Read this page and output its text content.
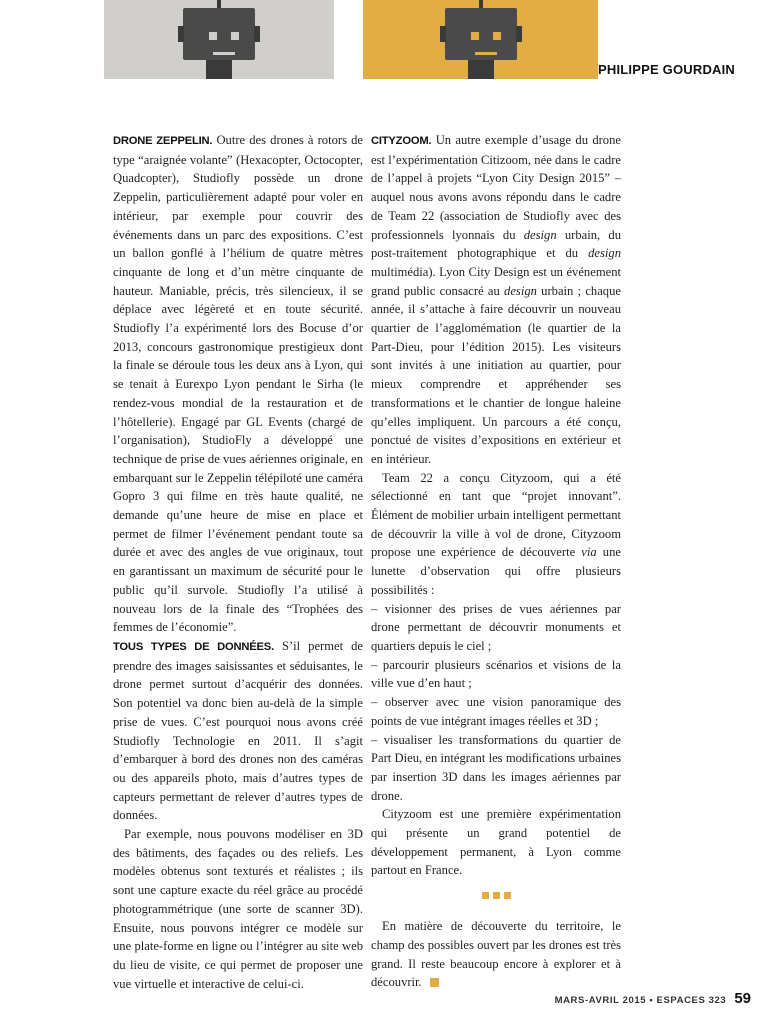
PHILIPPE GOURDAIN

DRONE ZEPPELIN. Outre des drones à rotors de type “araignée volante” (Hexacopter, Octocopter, Quadcopter), Studiofly possède un drone Zeppelin, particulièrement adapté pour voler en intérieur, par exemple pour couvrir des événements dans un parc des expositions. C’est un ballon gonflé à l’hélium de quatre mètres cinquante de long et d’un mètre cinquante de hauteur. Maniable, précis, très silencieux, il se déplace avec légèreté et en toute sécurité. Studiofly l’a expérimenté lors des Bocuse d’or 2013, concours gastronomique prestigieux dont la finale se déroule tous les deux ans à Lyon, qui se tenait à Eurexpo Lyon pendant le Sirha (le rendez-vous mondial de la restauration et de l’hôtellerie). Engagé par GL Events (chargé de l’organisation), StudioFly a développé une technique de prise de vues aériennes originale, en embarquant sur le Zeppelin télépiloté une caméra Gopro 3 qui filme en très haute qualité, ne demande qu’une heure de mise en place et permet de filmer l’événement pendant toute sa durée et avec des angles de vue originaux, tout en garantissant un maximum de sécurité pour le public qu’il survole. Studiofly l’a utilisé à nouveau lors de la finale des “Trophées des femmes de l’économie”.

TOUS TYPES DE DONNÉES. S’il permet de prendre des images saisissantes et séduisantes, le drone permet surtout d’acquérir des données. Son potentiel va donc bien au-delà de la simple prise de vues. C’est pourquoi nous avons créé Studiofly Technologie en 2011. Il s’agit d’embarquer à bord des drones non des caméras ou des appareils photo, mais d’autres types de capteurs permettant de relever d’autres types de données.

Par exemple, nous pouvons modéliser en 3D des bâtiments, des façades ou des reliefs. Les modèles obtenus sont texturés et réalistes ; ils sont une capture exacte du réel grâce au procédé photogrammétrique (une sorte de scanner 3D). Ensuite, nous pouvons intégrer ce modèle sur une plate-forme en ligne ou l’intégrer au site web du lieu de visite, ce qui permet de proposer une vue virtuelle et interactive de celui-ci.

CITYZOOM. Un autre exemple d’usage du drone est l’expérimentation Citizoom, née dans le cadre de l’appel à projets “Lyon City Design 2015” – auquel nous avons avons répondu dans le cadre de Team 22 (association de Studiofly avec des professionnels lyonnais du design urbain, du post-traitement photographique et du design multimédia). Lyon City Design est un événement grand public consacré au design urbain ; chaque année, il s’attache à faire découvrir un nouveau quartier de l’agglomémation (le quartier de la Part-Dieu, pour l’édition 2015). Les visiteurs sont invités à une initiation au quartier, pour mieux comprendre et appréhender ses transformations et le chantier de longue haleine qu’elles impliquent. Un parcours a été conçu, ponctué de visites d’expositions en extérieur et en intérieur.

Team 22 a conçu Cityzoom, qui a été sélectionné en tant que “projet innovant”. Élément de mobilier urbain intelligent permettant de découvrir la ville à vol de drone, Cityzoom propose une expérience de découverte via une lunette d’observation qui offre plusieurs possibilités :

– visionner des prises de vues aériennes par drone permettant de découvrir monuments et quartiers depuis le ciel ;

– parcourir plusieurs scénarios et visions de la ville vue d’en haut ;

– observer avec une vision panoramique des points de vue intégrant images réelles et 3D ;

– visualiser les transformations du quartier de Part Dieu, en intégrant les modifications urbaines par insertion 3D dans les images aériennes par drone.

Cityzoom est une première expérimentation qui présente un grand potentiel de développement permanent, à Lyon comme partout en France.

En matière de découverte du territoire, le champ des possibles ouvert par les drones est très grand. Il reste beaucoup encore à explorer et à découvrir.

MARS-AVRIL 2015 • ESPACES 323 59
